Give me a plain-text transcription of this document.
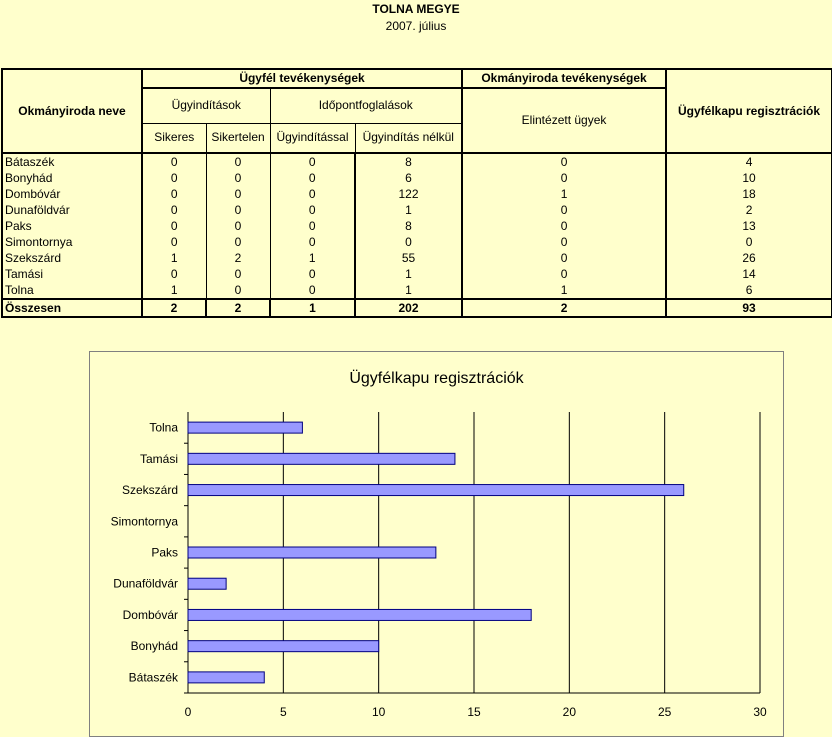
TOLNA MEGYE
2007. július
Okmányiroda neve	Ügyfél tevékenységek				Okmányiroda tevékenységek	Ügyfélkapu regisztrációk
	Ügyindítások		Időpontfoglalások		Elintézett ügyek	
	Sikeres	Sikertelen	Ügyindítással	Ügyindítás nélkül		
Bátaszék	0	0	0	8	0	4
Bonyhád	0	0	0	6	0	10
Dombóvár	0	0	0	122	1	18
Dunaföldvár	0	0	0	1	0	2
Paks	0	0	0	8	0	13
Simontornya	0	0	0	0	0	0
Szekszárd	1	2	1	55	0	26
Tamási	0	0	0	1	0	14
Tolna	1	0	0	1	1	6
Összesen	2	2	1	202	2	93
Ügyfélkapu regisztrációk
0	5	10	15	20	25	30
Bátaszék
Bonyhád
Dombóvár
Dunaföldvár
Paks
Simontornya
Szekszárd
Tamási
Tolna
